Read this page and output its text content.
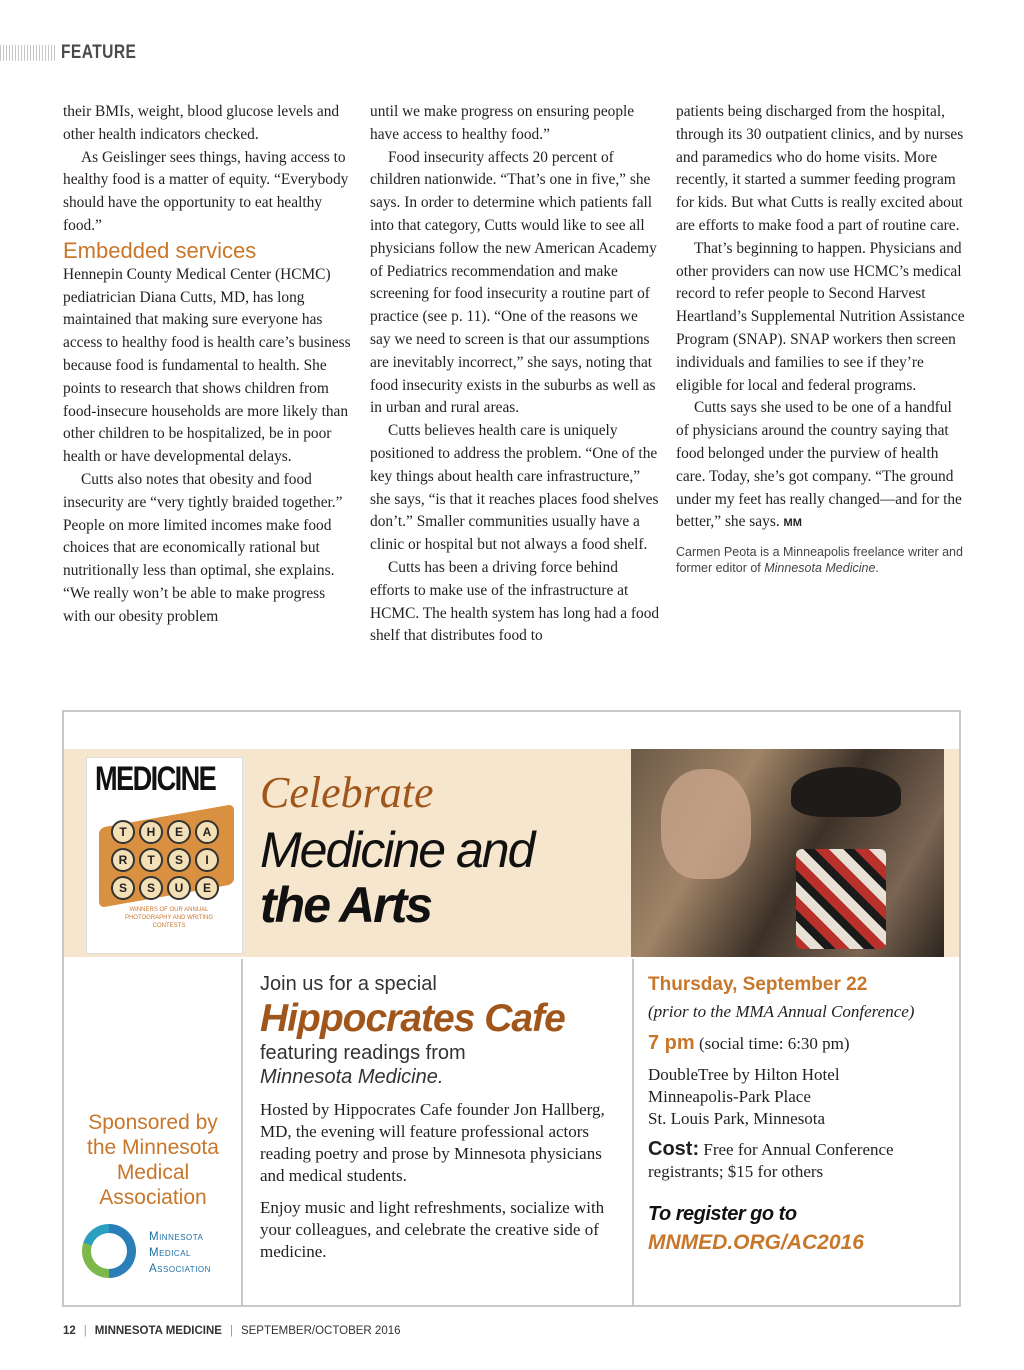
FEATURE

their BMIs, weight, blood glucose levels and other health indicators checked.

As Geislinger sees things, having access to healthy food is a matter of equity. “Everybody should have the opportunity to eat healthy food.”

Embedded services

Hennepin County Medical Center (HCMC) pediatrician Diana Cutts, MD, has long maintained that making sure everyone has access to healthy food is health care’s business because food is fundamental to health. She points to research that shows children from food-insecure households are more likely than other children to be hospitalized, be in poor health or have developmental delays.

Cutts also notes that obesity and food insecurity are “very tightly braided together.” People on more limited incomes make food choices that are economically rational but nutritionally less than optimal, she explains. “We really won’t be able to make progress with our obesity problem

until we make progress on ensuring people have access to healthy food.”

Food insecurity affects 20 percent of children nationwide. “That’s one in five,” she says. In order to determine which patients fall into that category, Cutts would like to see all physicians follow the new American Academy of Pediatrics recommendation and make screening for food insecurity a routine part of practice (see p. 11). “One of the reasons we say we need to screen is that our assumptions are inevitably incorrect,” she says, noting that food insecurity exists in the suburbs as well as in urban and rural areas.

Cutts believes health care is uniquely positioned to address the problem. “One of the key things about health care infrastructure,” she says, “is that it reaches places food shelves don’t.” Smaller communities usually have a clinic or hospital but not always a food shelf.

Cutts has been a driving force behind efforts to make use of the infrastructure at HCMC. The health system has long had a food shelf that distributes food to

patients being discharged from the hospital, through its 30 outpatient clinics, and by nurses and paramedics who do home visits. More recently, it started a summer feeding program for kids. But what Cutts is really excited about are efforts to make food a part of routine care.

That’s beginning to happen. Physicians and other providers can now use HCMC’s medical record to refer people to Second Harvest Heartland’s Supplemental Nutrition Assistance Program (SNAP). SNAP workers then screen individuals and families to see if they’re eligible for local and federal programs.

Cutts says she used to be one of a handful of physicians around the country saying that food belonged under the purview of health care. Today, she’s got company. “The ground under my feet has really changed—and for the better,” she says. MM

Carmen Peota is a Minneapolis freelance writer and former editor of Minnesota Medicine.

MEDICINE
T H E AR T S IS S U E
WINNERS OF OUR ANNUAL PHOTOGRAPHY AND WRITING CONTESTS
Celebrate
Medicine and
the Arts
Sponsored by the Minnesota Medical Association
Minnesota
Medical
Association
Join us for a special
Hippocrates Cafe
featuring readings from
Minnesota Medicine.
Hosted by Hippocrates Cafe founder Jon Hallberg, MD, the evening will feature professional actors reading poetry and prose by Minnesota physicians and medical students.
Enjoy music and light refreshments, socialize with your colleagues, and celebrate the creative side of medicine.
Thursday, September 22
(prior to the MMA Annual Conference)
7 pm (social time: 6:30 pm)
DoubleTree by Hilton Hotel
Minneapolis-Park Place
St. Louis Park, Minnesota
Cost: Free for Annual Conference registrants; $15 for others
To register go to
MNMED.ORG/AC2016
12 | MINNESOTA MEDICINE | SEPTEMBER/OCTOBER 2016
